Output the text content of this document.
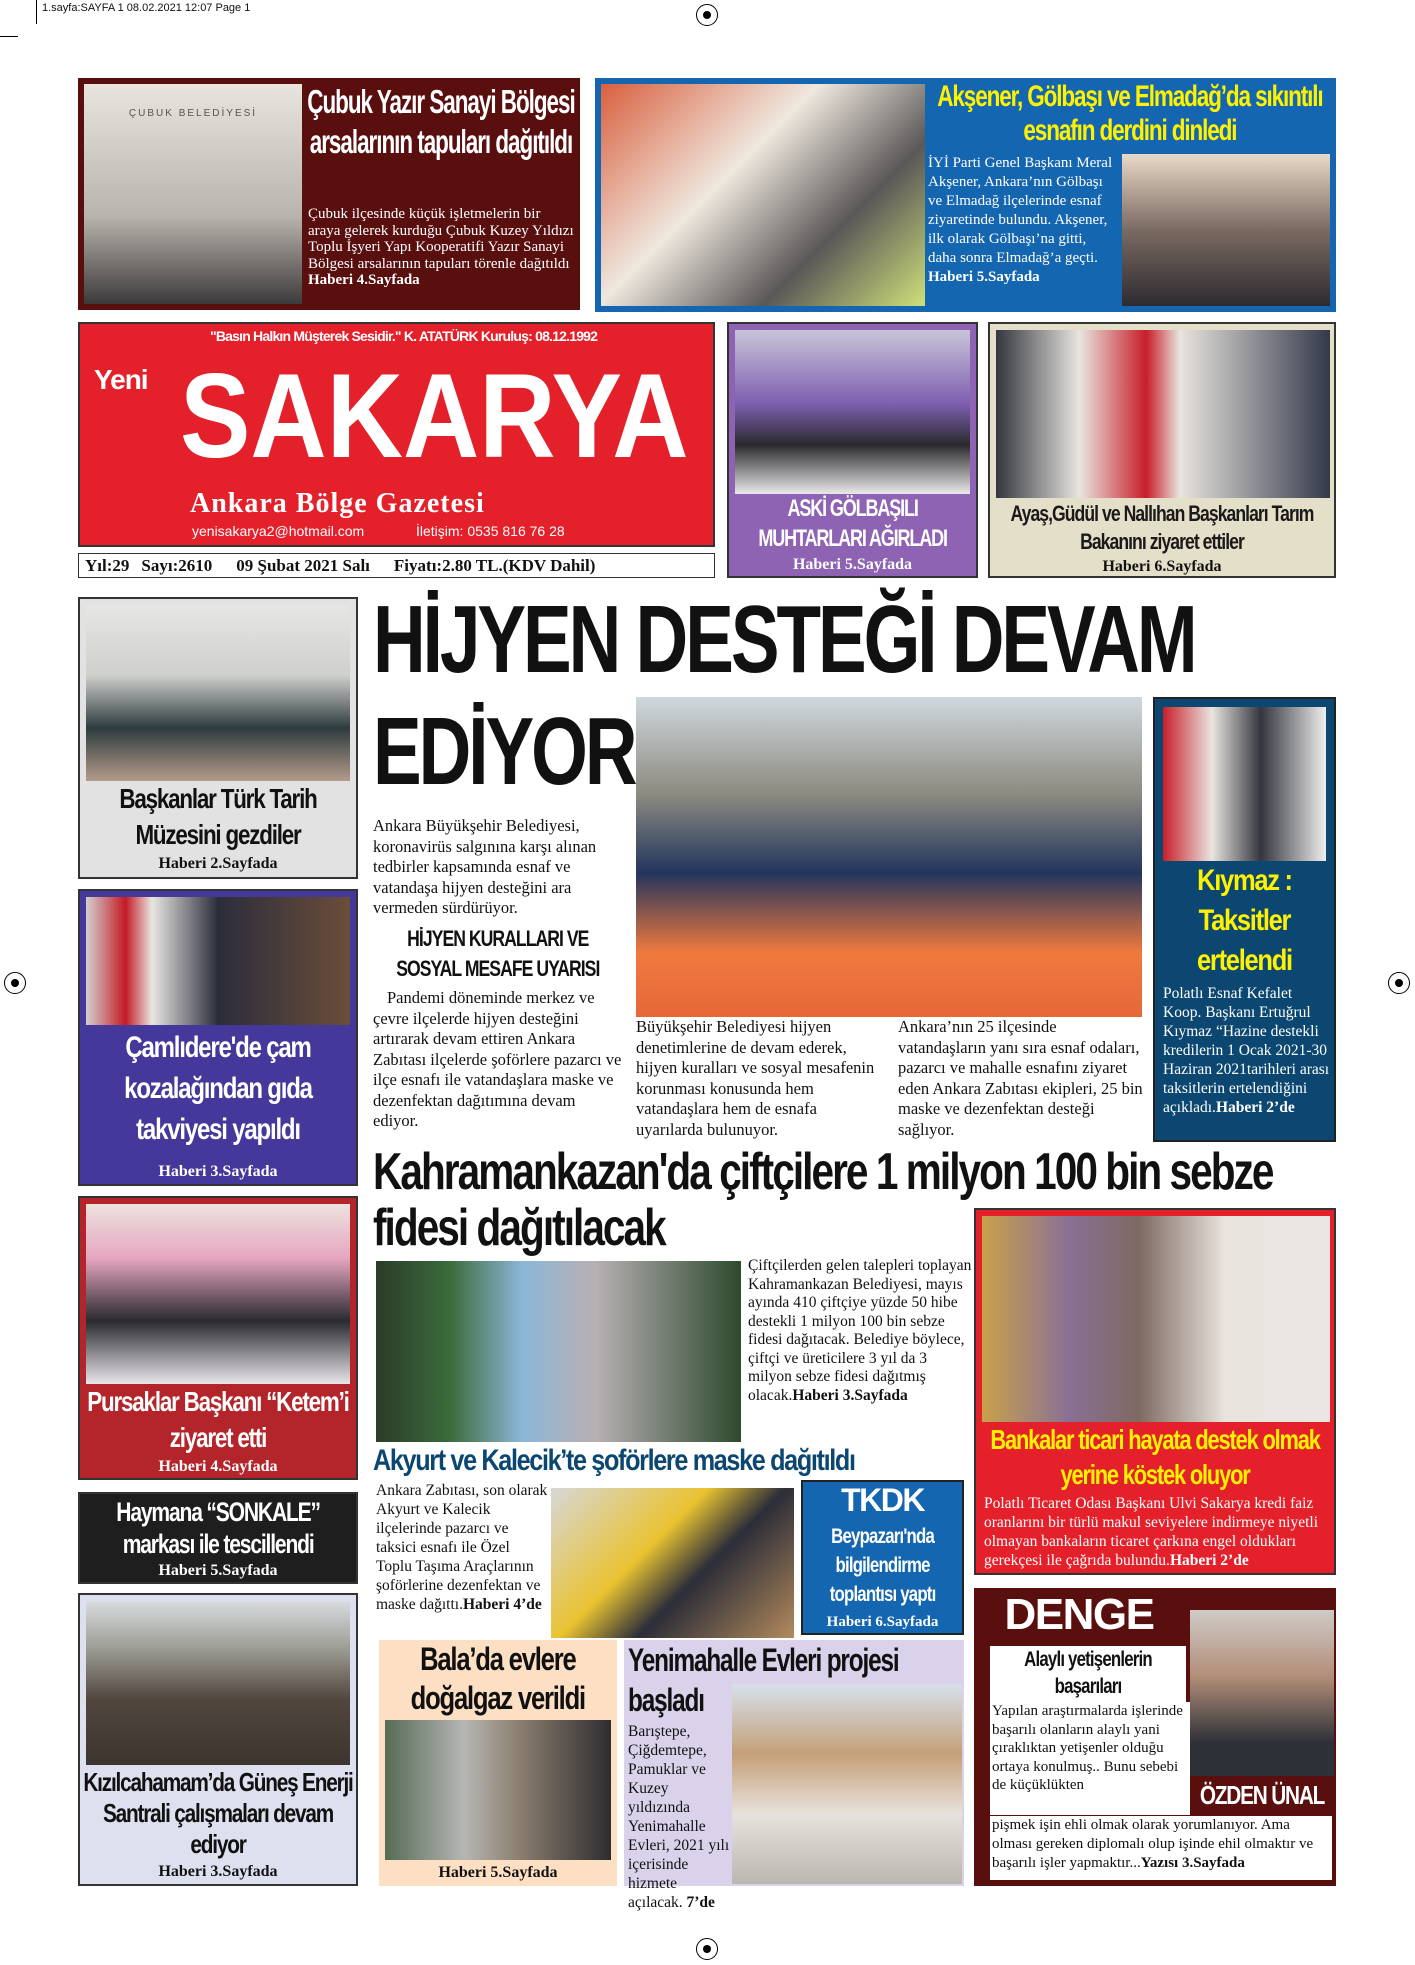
1.sayfa:SAYFA 1 08.02.2021 12:07 Page 1
ÇUBUK BELEDİYESİ	Çubuk Yazır Sanayi Bölgesi arsalarının tapuları dağıtıldı
Çubuk ilçesinde küçük işletmelerin bir araya gelerek kurduğu Çubuk Kuzey Yıldızı Toplu İşyeri Yapı Kooperatifi Yazır Sanayi Bölgesi arsalarının tapuları törenle dağıtıldı Haberi 4.Sayfada
Akşener, Gölbaşı ve Elmadağ’da sıkıntılı esnafın derdini dinledi
İYİ Parti Genel Başkanı Meral Akşener, Ankara’nın Gölbaşı ve Elmadağ ilçelerinde esnaf ziyaretinde bulundu. Akşener, ilk olarak Gölbaşı’na gitti, daha sonra Elmadağ’a geçti. Haberi 5.Sayfada
"Basın Halkın Müşterek Sesidir." K. ATATÜRK Kuruluş: 08.12.1992
Yeni SAKARYA
Ankara Bölge Gazetesi
yenisakarya2@hotmail.com	İletişim: 0535 816 76 28
Yıl:29 Sayı:2610 09 Şubat 2021 Salı Fiyatı:2.80 TL.(KDV Dahil)
ASKİ GÖLBAŞILI MUHTARLARI AĞIRLADI
Haberi 5.Sayfada
Ayaş,Güdül ve Nallıhan Başkanları Tarım Bakanını ziyaret ettiler
Haberi 6.Sayfada
Başkanlar Türk Tarih Müzesini gezdiler
Haberi 2.Sayfada
Çamlıdere'de çam kozalağından gıda takviyesi yapıldı
Haberi 3.Sayfada
Pursaklar Başkanı “Ketem’i ziyaret etti
Haberi 4.Sayfada
Haymana “SONKALE” markası ile tescillendi
Haberi 5.Sayfada
Kızılcahamam’da Güneş Enerji Santrali çalışmaları devam ediyor
Haberi 3.Sayfada
HİJYEN DESTEĞİ DEVAM
EDİYOR
Ankara Büyükşehir Belediyesi, koronavirüs salgınına karşı alınan tedbirler kapsamında esnaf ve vatandaşa hijyen desteğini ara vermeden sürdürüyor.
HİJYEN KURALLARI VE SOSYAL MESAFE UYARISI
Pandemi döneminde merkez ve çevre ilçelerde hijyen desteğini artırarak devam ettiren Ankara Zabıtası ilçelerde şoförlere pazarcı ve ilçe esnafı ile vatandaşlara maske ve dezenfektan dağıtımına devam ediyor.
Büyükşehir Belediyesi hijyen denetimlerine de devam ederek, hijyen kuralları ve sosyal mesafenin korunması konusunda hem vatandaşlara hem de esnafa uyarılarda bulunuyor.
Ankara’nın 25 ilçesinde vatandaşların yanı sıra esnaf odaları, pazarcı ve mahalle esnafını ziyaret eden Ankara Zabıtası ekipleri, 25 bin maske ve dezenfektan desteği sağlıyor.
Kıymaz : Taksitler ertelendi
Polatlı Esnaf Kefalet Koop. Başkanı Ertuğrul Kıymaz “Hazine destekli kredilerin 1 Ocak 2021-30 Haziran 2021tarihleri arası taksitlerin ertelendiğini açıkladı.Haberi 2’de
Kahramankazan'da çiftçilere 1 milyon 100 bin sebze fidesi dağıtılacak
Çiftçilerden gelen talepleri toplayan Kahramankazan Belediyesi, mayıs ayında 410 çiftçiye yüzde 50 hibe destekli 1 milyon 100 bin sebze fidesi dağıtacak. Belediye böylece, çiftçi ve üreticilere 3 yıl da 3 milyon sebze fidesi dağıtmış olacak.Haberi 3.Sayfada
Akyurt ve Kalecik’te şoförlere maske dağıtıldı
Ankara Zabıtası, son olarak Akyurt ve Kalecik ilçelerinde pazarcı ve taksici esnafı ile Özel Toplu Taşıma Araçlarının şoförlerine dezenfektan ve maske dağıttı.Haberi 4’de
TKDK
Beypazarı'nda bilgilendirme toplantısı yaptı
Haberi 6.Sayfada
Bankalar ticari hayata destek olmak yerine köstek oluyor
Polatlı Ticaret Odası Başkanı Ulvi Sakarya kredi faiz oranlarını bir türlü makul seviyelere indirmeye niyetli olmayan bankaların ticaret çarkına engel oldukları gerekçesi ile çağrıda bulundu.Haberi 2’de
Bala’da evlere doğalgaz verildi
Haberi 5.Sayfada
Yenimahalle Evleri projesi başladı
Barıştepe, Çiğdemtepe, Pamuklar ve Kuzey yıldızında Yenimahalle Evleri, 2021 yılı içerisinde hizmete açılacak. 7’de
DENGE
Alaylı yetişenlerin başarıları
Yapılan araştırmalarda işlerinde başarılı olanların alaylı yani çıraklıktan yetişenler olduğu ortaya konulmuş.. Bunu sebebi de küçüklükten	ÖZDEN ÜNAL
pişmek işin ehli olmak olarak yorumlanıyor. Ama olması gereken diplomalı olup işinde ehil olmaktır ve başarılı işler yapmaktır...Yazısı 3.Sayfada
